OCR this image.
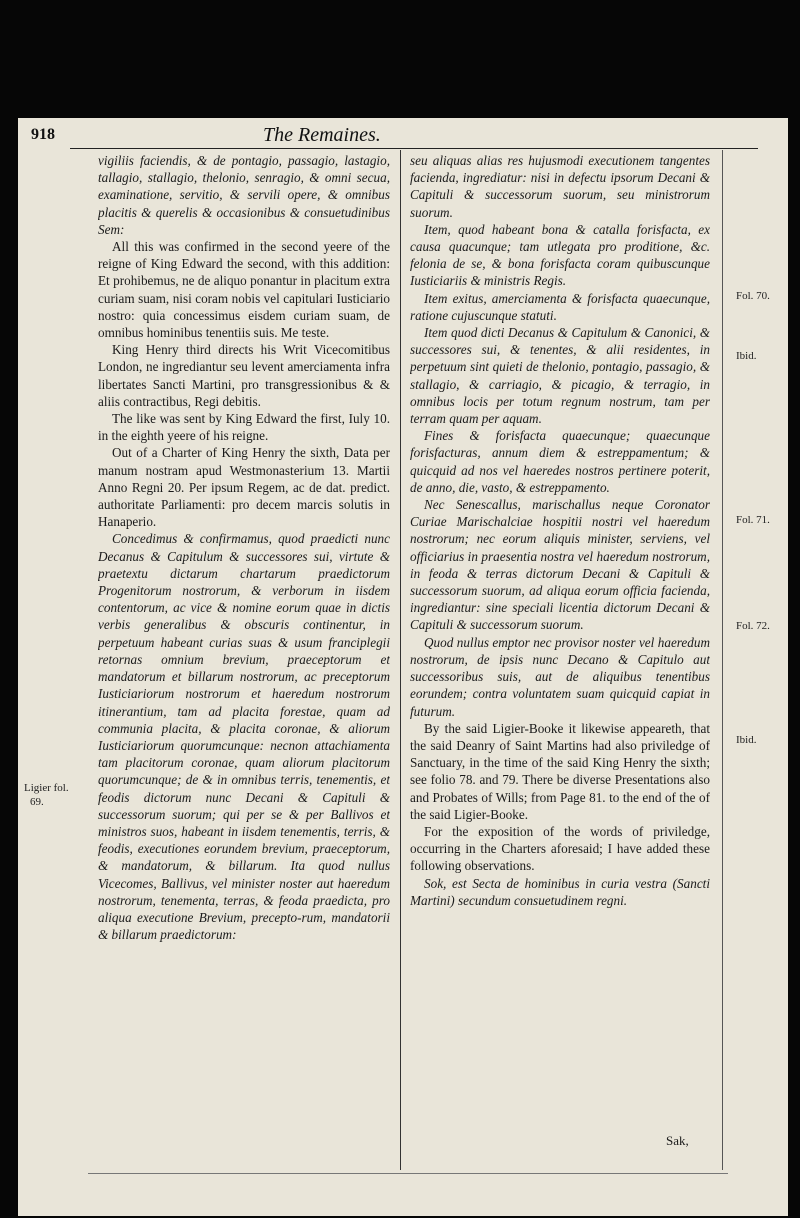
918	The Remaines.

vigiliis faciendis, & de pontagio, passagio, lastagio, tallagio, stallagio, thelonio, senragio, & omni secua, examinatione, servitio, & servili opere, & omnibus placitis & querelis & occasionibus & consuetudinibus Sem:

All this was confirmed in the second yeere of the reigne of King Edward the second, with this addition: Et prohibemus, ne de aliquo ponantur in placitum extra curiam suam, nisi coram nobis vel capitulari Iusticiario nostro: quia concessimus eisdem curiam suam, de omnibus hominibus tenentiis suis. Me teste.

King Henry third directs his Writ Vicecomitibus London, ne ingrediantur seu levent amerciamenta infra libertates Sancti Martini, pro transgressionibus & & aliis contractibus, Regi debitis.

The like was sent by King Edward the first, Iuly 10. in the eighth yeere of his reigne.

Out of a Charter of King Henry the sixth, Data per manum nostram apud Westmonasterium 13. Martii Anno Regni 20. Per ipsum Regem, ac de dat. predict. authoritate Parliamenti: pro decem marcis solutis in Hanaperio.

Concedimus & confirmamus, quod praedicti nunc Decanus & Capitulum & successores sui, virtute & praetextu dictarum chartarum praedictorum Progenitorum nostrorum, & verborum in iisdem contentorum, ac vice & nomine eorum quae in dictis verbis generalibus & obscuris continentur, in perpetuum habeant curias suas & usum franciplegii retornas omnium brevium, praeceptorum et mandatorum et billarum nostrorum, ac preceptorum Iusticiariorum nostrorum et haeredum nostrorum itinerantium, tam ad placita forestae, quam ad communia placita, & placita coronae, & aliorum Iusticiariorum quorumcunque: necnon attachiamenta tam placitorum coronae, quam aliorum placitorum quorumcunque; de & in omnibus terris, tenementis, et feodis dictorum nunc Decani & Capituli & successorum suorum; qui per se & per Ballivos et ministros suos, habeant in iisdem tenementis, terris, & feodis, executiones eorundem brevium, praeceptorum, & mandatorum, & billarum. Ita quod nullus Vicecomes, Ballivus, vel minister noster aut haeredum nostrorum, tenementa, terras, & feoda praedicta, pro aliqua executione Brevium, precepto-rum, mandatorii & billarum praedictorum:

seu aliquas alias res hujusmodi executionem tangentes facienda, ingrediatur: nisi in defectu ipsorum Decani & Capituli & successorum suorum, seu ministrorum suorum.

Item, quod habeant bona & catalla forisfacta, ex causa quacunque; tam utlegata pro proditione, &c. felonia de se, & bona forisfacta coram quibuscunque Iusticiariis & ministris Regis.

Item exitus, amerciamenta & forisfacta quaecunque, ratione cujuscunque statuti.

Item quod dicti Decanus & Capitulum & Canonici, & successores sui, & tenentes, & alii residentes, in perpetuum sint quieti de thelonio, pontagio, passagio, & stallagio, & carriagio, & picagio, & terragio, in omnibus locis per totum regnum nostrum, tam per terram quam per aquam.

Fines & forisfacta quaecunque; quaecunque forisfacturas, annum diem & estreppamentum; & quicquid ad nos vel haeredes nostros pertinere poterit, de anno, die, vasto, & estreppamento.

Nec Senescallus, marischallus neque Coronator Curiae Marischalciae hospitii nostri vel haeredum nostrorum; nec eorum aliquis minister, serviens, vel officiarius in praesentia nostra vel haeredum nostrorum, in feoda & terras dictorum Decani & Capituli & successorum suorum, ad aliqua eorum officia facienda, ingrediantur: sine speciali licentia dictorum Decani & Capituli & successorum suorum.

Quod nullus emptor nec provisor noster vel haeredum nostrorum, de ipsis nunc Decano & Capitulo aut successoribus suis, aut de aliquibus tenentibus eorundem; contra voluntatem suam quicquid capiat in futurum.

By the said Ligier-Booke it likewise appeareth, that the said Deanry of Saint Martins had also priviledge of Sanctuary, in the time of the said King Henry the sixth; see folio 78. and 79. There be diverse Presentations also and Probates of Wills; from Page 81. to the end of the of the said Ligier-Booke.

For the exposition of the words of priviledge, occurring in the Charters aforesaid; I have added these following observations.

Sok, est Secta de hominibus in curia vestra (Sancti Martini) secundum consuetudinem regni.

Ligier fol.
69.
Fol. 70.
Ibid.
Fol. 71.
Fol. 72.
Ibid.
Sak,
